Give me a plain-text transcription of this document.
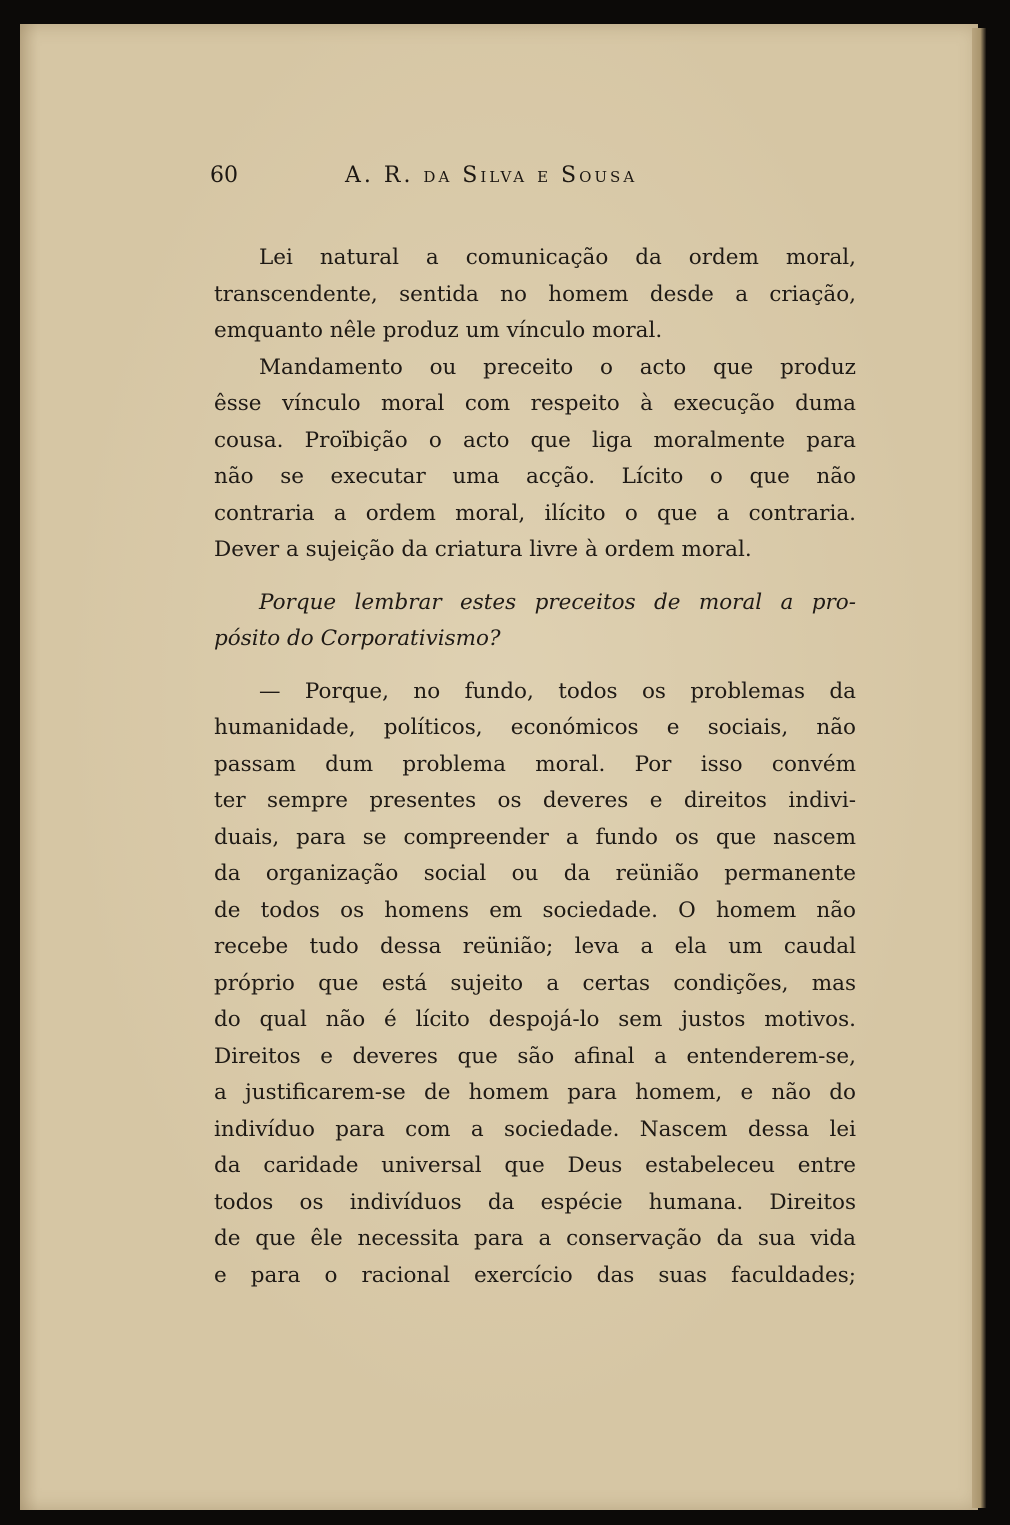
60	A. R. da Silva e Sousa
Lei natural a comunicação da ordem moral,
transcendente, sentida no homem desde a criação,
emquanto nêle produz um vínculo moral.
Mandamento ou preceito o acto que produz
êsse vínculo moral com respeito à execução duma
cousa. Proïbição o acto que liga moralmente para
não se executar uma acção. Lícito o que não
contraria a ordem moral, ilícito o que a contraria.
Dever a sujeição da criatura livre à ordem moral.
Porque lembrar estes preceitos de moral a pro-
pósito do Corporativismo?
— Porque, no fundo, todos os problemas da
humanidade, políticos, económicos e sociais, não
passam dum problema moral. Por isso convém
ter sempre presentes os deveres e direitos indivi-
duais, para se compreender a fundo os que nascem
da organização social ou da reünião permanente
de todos os homens em sociedade. O homem não
recebe tudo dessa reünião; leva a ela um caudal
próprio que está sujeito a certas condições, mas
do qual não é lícito despojá-lo sem justos motivos.
Direitos e deveres que são afinal a entenderem-se,
a justificarem-se de homem para homem, e não do
indivíduo para com a sociedade. Nascem dessa lei
da caridade universal que Deus estabeleceu entre
todos os indivíduos da espécie humana. Direitos
de que êle necessita para a conservação da sua vida
e para o racional exercício das suas faculdades;
